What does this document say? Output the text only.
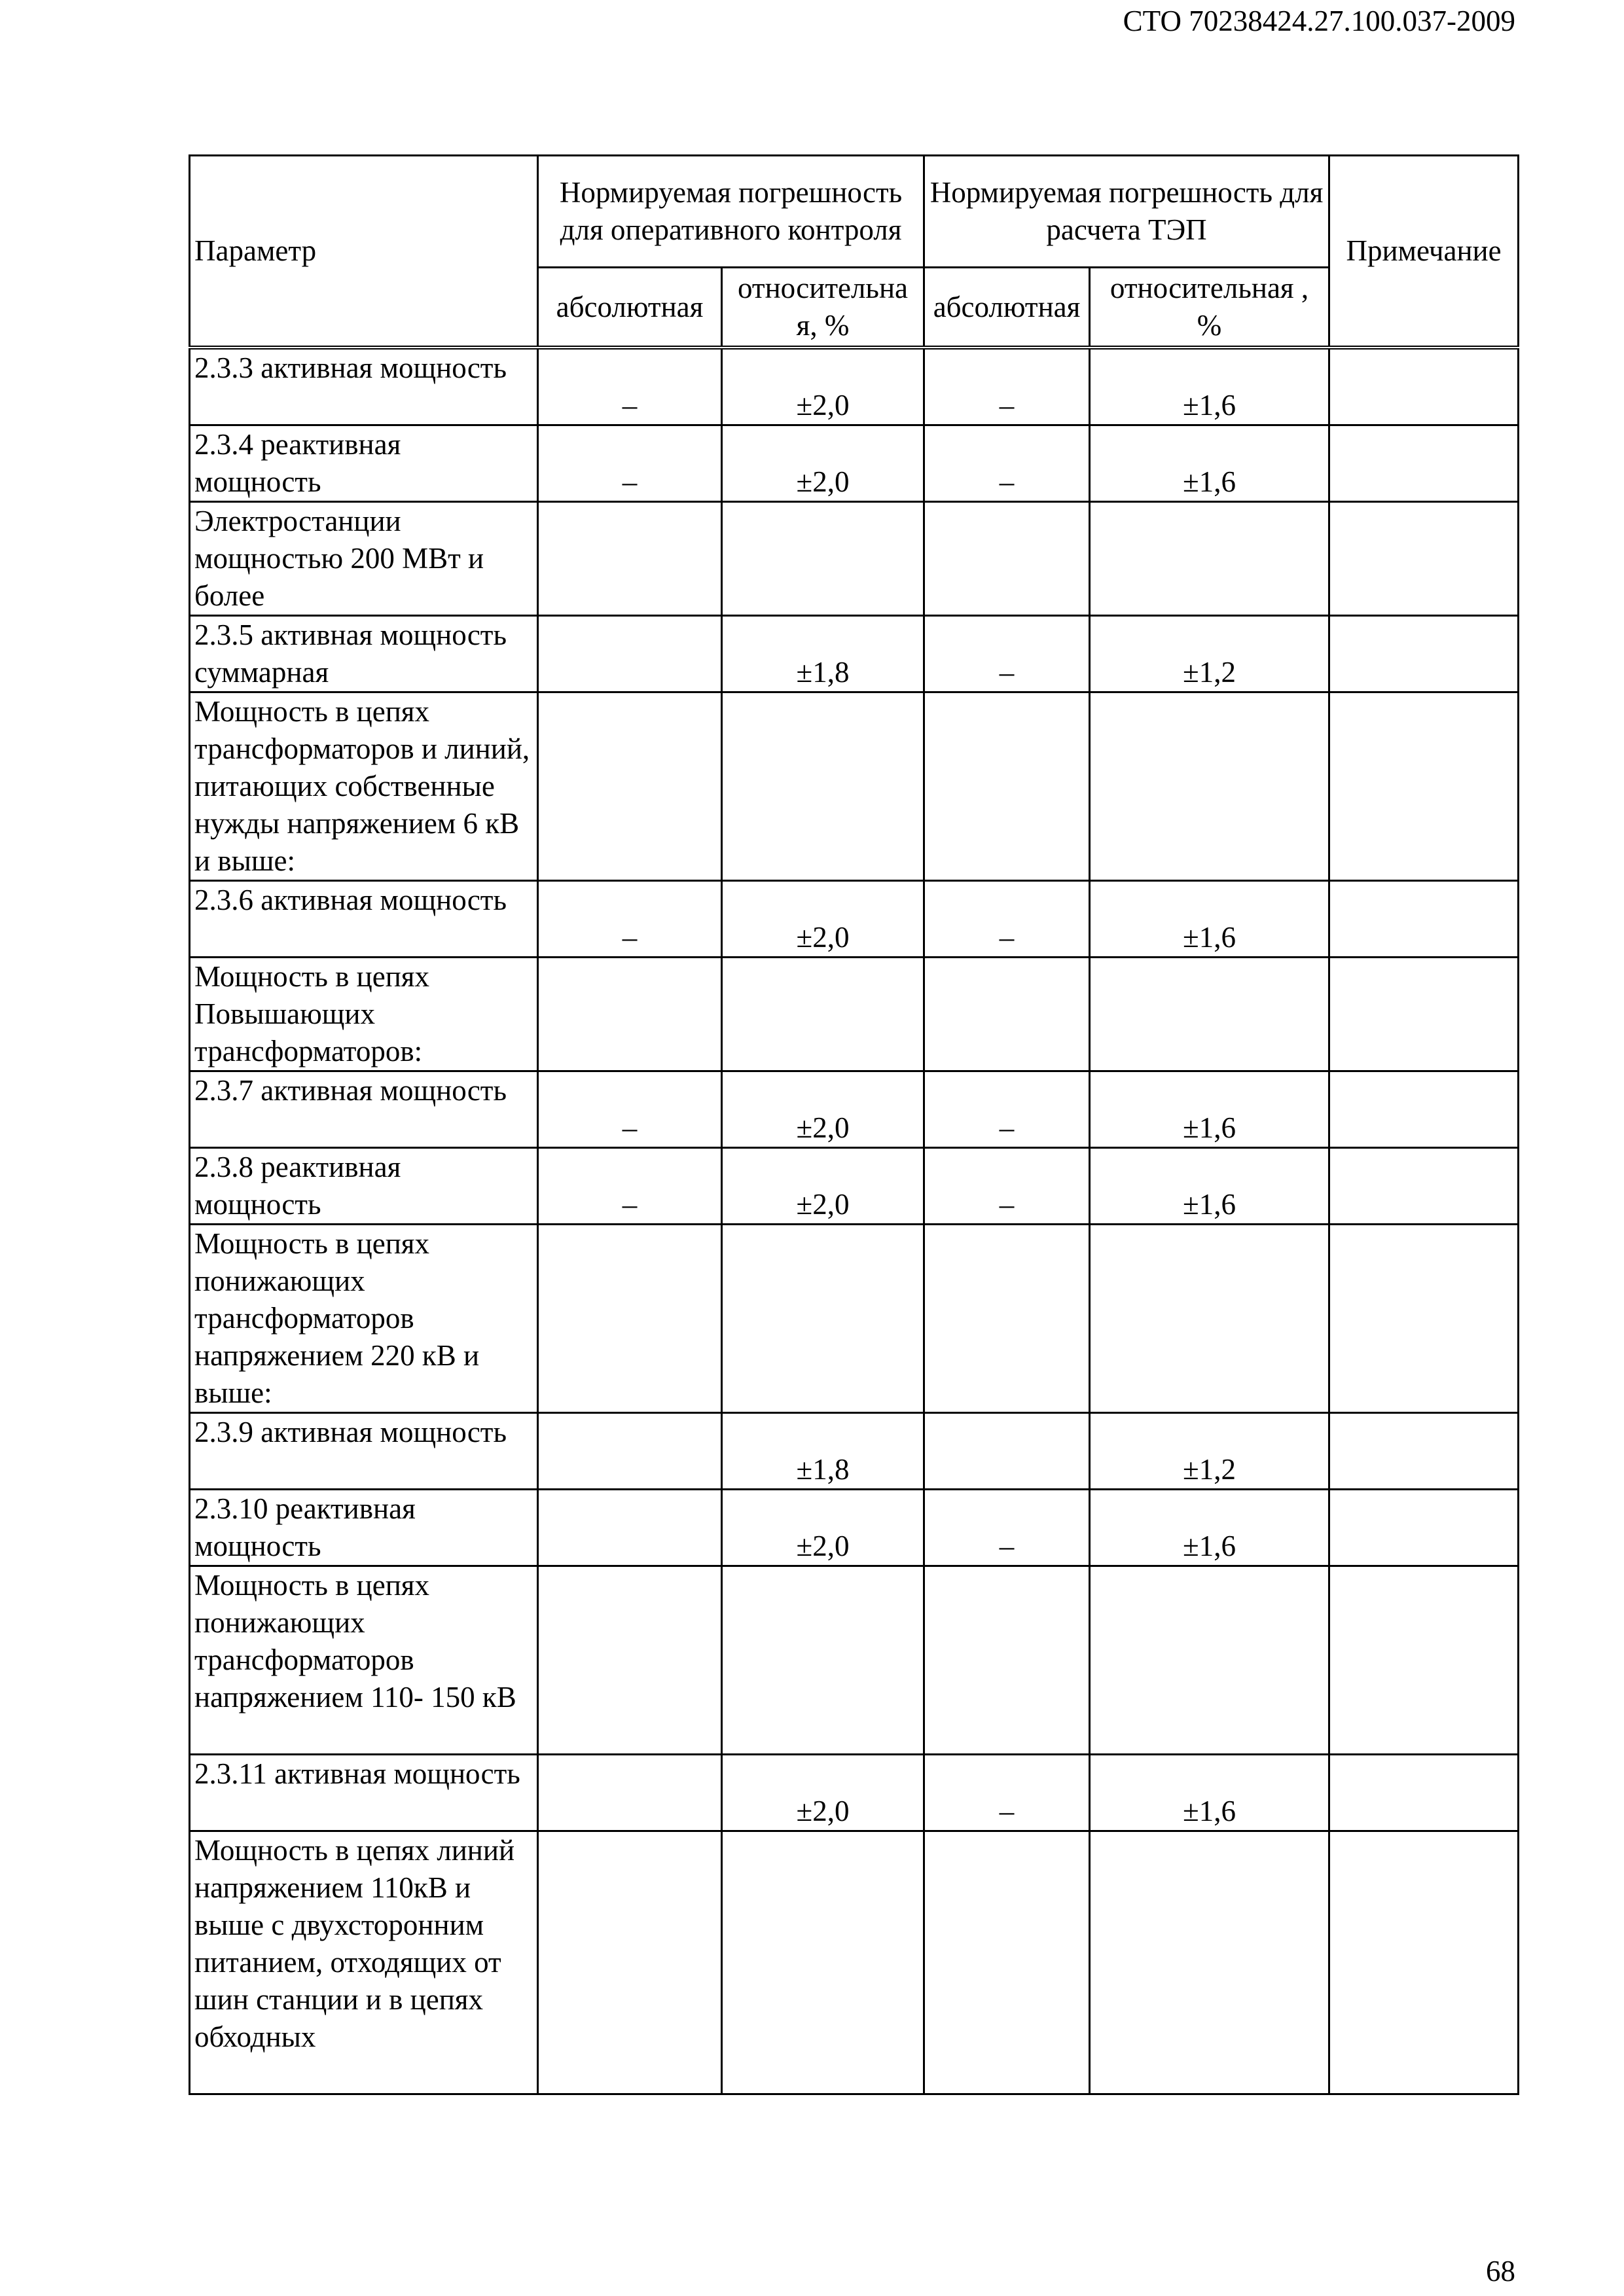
СТО 70238424.27.100.037-2009
Параметр	Нормируемая погрешность для оперативного контроля		Нормируемая погрешность для расчета ТЭП		Примечание
	абсолютная	относительна я, %	абсолютная	относительная , %	
2.3.3 активная мощность	–	±2,0	–	±1,6	
2.3.4 реактивная мощность	–	±2,0	–	±1,6	
Электростанции мощностью 200 МВт и более					
2.3.5 активная мощность суммарная		±1,8	–	±1,2	
Мощность в цепях трансформаторов и линий, питающих собственные нужды напряжением 6 кВ и выше:					
2.3.6 активная мощность	–	±2,0	–	±1,6	
Мощность в цепях Повышающих трансформаторов:					
2.3.7 активная мощность	–	±2,0	–	±1,6	
2.3.8 реактивная мощность	–	±2,0	–	±1,6	
Мощность в цепях понижающих трансформаторов напряжением 220 кВ и выше:					
2.3.9 активная мощность		±1,8		±1,2	
2.3.10 реактивная мощность		±2,0	–	±1,6	
Мощность в цепях понижающих трансформаторов напряжением 110- 150 кВ					
2.3.11 активная мощность		±2,0	–	±1,6	
Мощность в цепях линий напряжением 110кВ и выше с двухсторонним питанием, отходящих от шин станции и в цепях обходных					
68
